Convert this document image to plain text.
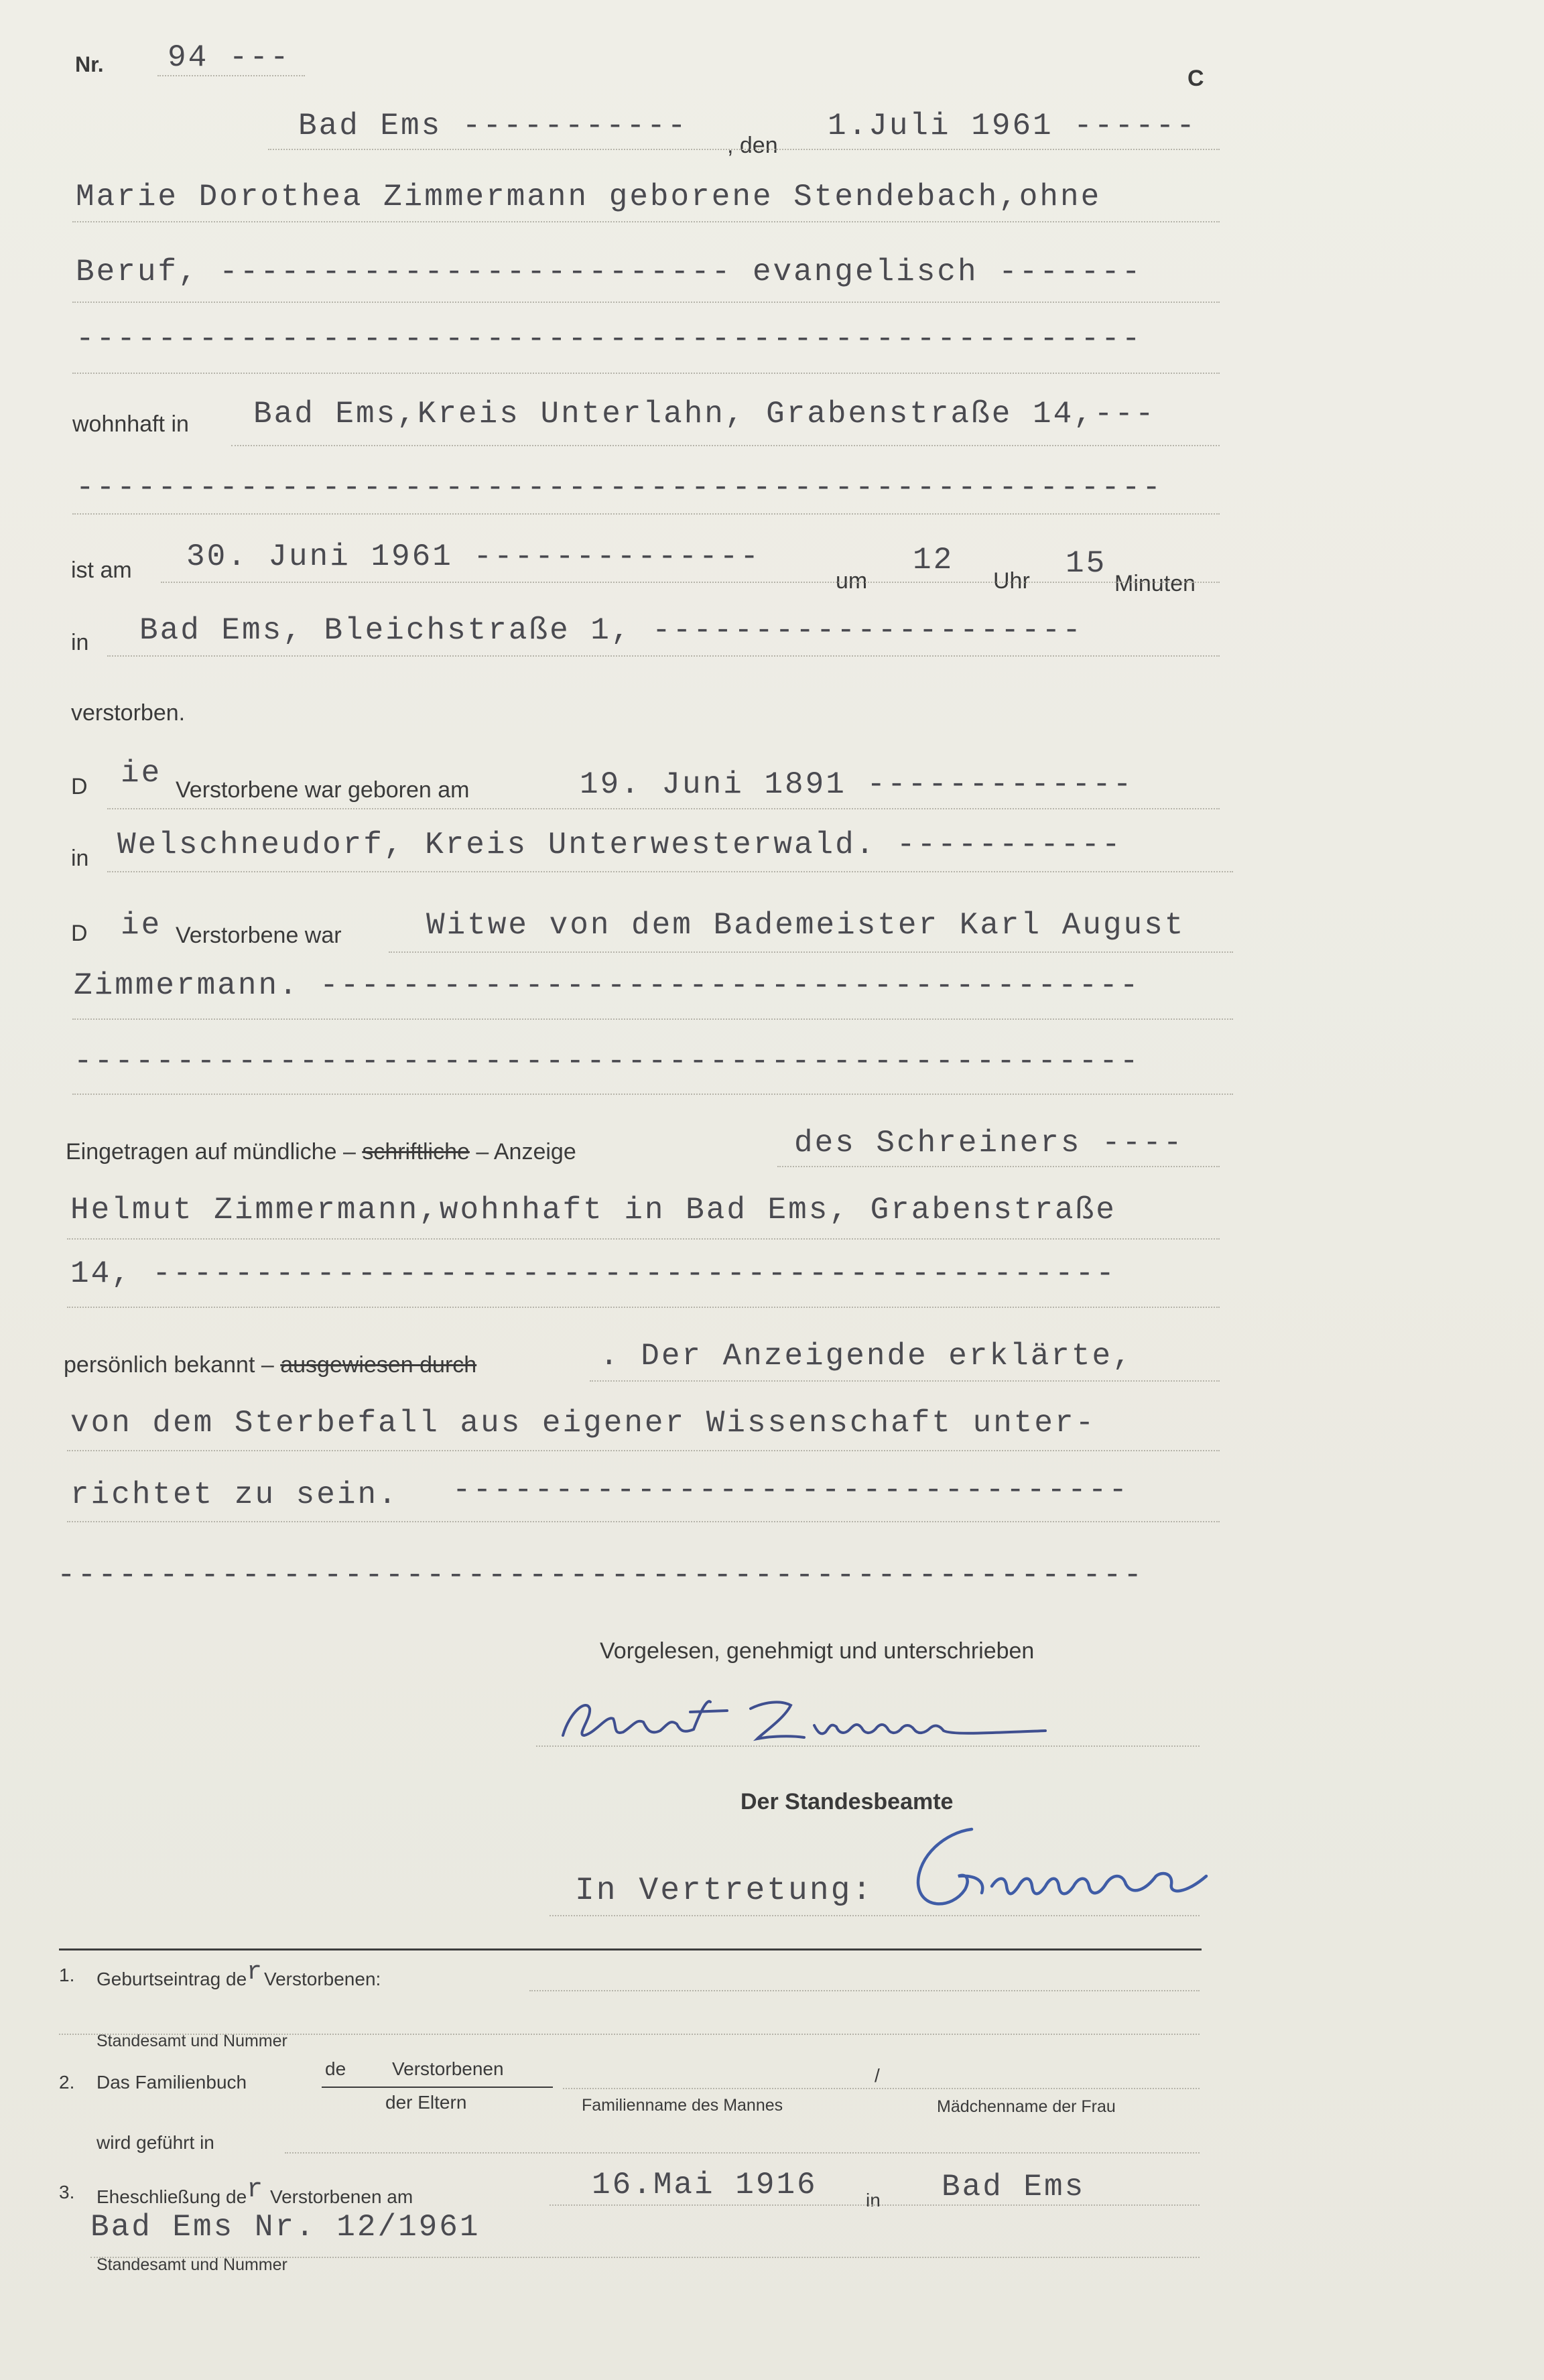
Nr. 94 ---
C
Bad Ems -----------
, den
1.Juli 1961 ------
Marie Dorothea Zimmermann geborene Stendebach,ohne
Beruf, ------------------------- evangelisch -------
----------------------------------------------------
wohnhaft in Bad Ems,Kreis Unterlahn, Grabenstraße 14,---
-----------------------------------------------------
ist am 30. Juni 1961 --------------
um
12
Uhr 15
Minuten
in Bad Ems, Bleichstraße 1, ---------------------
verstorben.
D ie Verstorbene war geboren am	19. Juni 1891 -------------
in Welschneudorf, Kreis Unterwesterwald. -----------
D ie Verstorbene war	Witwe von dem Bademeister Karl August
Zimmermann. ----------------------------------------
----------------------------------------------------
Eingetragen auf mündliche – schriftliche – Anzeige	des Schreiners ----
Helmut Zimmermann,wohnhaft in Bad Ems, Grabenstraße
14, -----------------------------------------------
persönlich bekannt – ausgewiesen durch	. Der Anzeigende erklärte,
von dem Sterbefall aus eigener Wissenschaft unter-
richtet zu sein. ---------------------------------
-----------------------------------------------------
Vorgelesen, genehmigt und unterschrieben
Der Standesbeamte
In Vertretung:
1. Geburtseintrag derVerstorbenen:
Standesamt und Nummer
2. Das Familienbuch
de Verstorbenen
der Eltern	Familienname des Mannes
/
Mädchenname der Frau
wird geführt in
3. Eheschließung der Verstorbenen am	16.Mai 1916	in Bad Ems
Bad Ems Nr. 12/1961
Standesamt und Nummer
